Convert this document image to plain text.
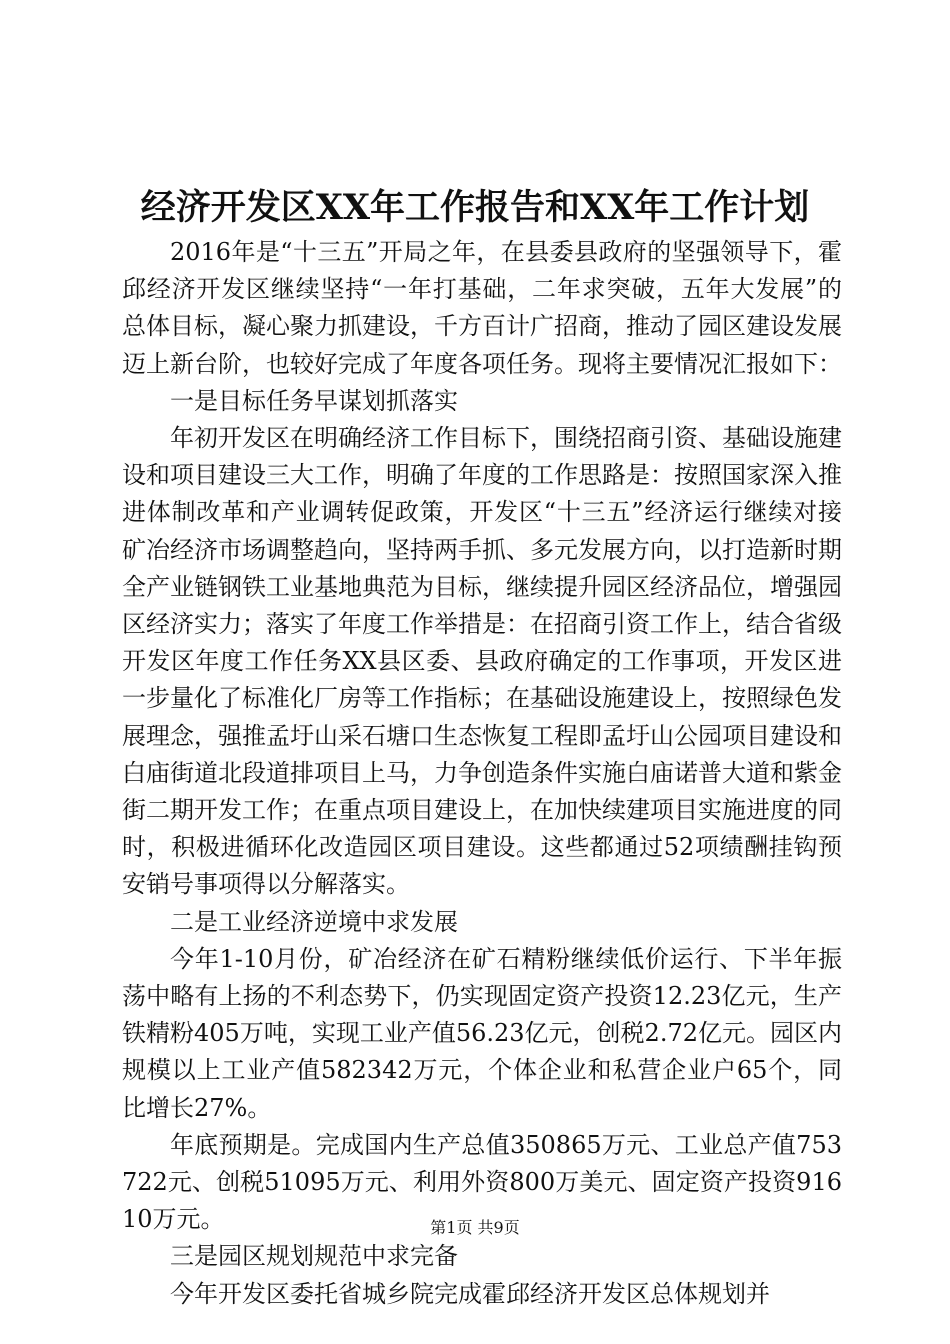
经济开发区XX年工作报告和XX年工作计划

2016年是“十三五”开局之年，在县委县政府的坚强领导下，霍邱经济开发区继续坚持“一年打基础，二年求突破，五年大发展”的总体目标，凝心聚力抓建设，千方百计广招商，推动了园区建设发展迈上新台阶，也较好完成了年度各项任务。现将主要情况汇报如下：

一是目标任务早谋划抓落实

年初开发区在明确经济工作目标下，围绕招商引资、基础设施建设和项目建设三大工作，明确了年度的工作思路是：按照国家深入推进体制改革和产业调转促政策，开发区“十三五”经济运行继续对接矿冶经济市场调整趋向，坚持两手抓、多元发展方向，以打造新时期全产业链钢铁工业基地典范为目标，继续提升园区经济品位，增强园区经济实力；落实了年度工作举措是：在招商引资工作上，结合省级开发区年度工作任务XX县区委、县政府确定的工作事项，开发区进一步量化了标准化厂房等工作指标；在基础设施建设上，按照绿色发展理念，强推孟圩山采石塘口生态恢复工程即孟圩山公园项目建设和白庙街道北段道排项目上马，力争创造条件实施白庙诺普大道和紫金街二期开发工作；在重点项目建设上，在加快续建项目实施进度的同时，积极进循环化改造园区项目建设。这些都通过52项绩酬挂钩预安销号事项得以分解落实。

二是工业经济逆境中求发展

今年1-10月份，矿冶经济在矿石精粉继续低价运行、下半年振荡中略有上扬的不利态势下，仍实现固定资产投资12.23亿元，生产铁精粉405万吨，实现工业产值56.23亿元，创税2.72亿元。园区内规模以上工业产值582342万元，个体企业和私营企业户65个，同比增长27%。

年底预期是。完成国内生产总值350865万元、工业总产值753722元、创税51095万元、利用外资800万美元、固定资产投资91610万元。

三是园区规划规范中求完备

今年开发区委托省城乡院完成霍邱经济开发区总体规划并

第1页 共9页
